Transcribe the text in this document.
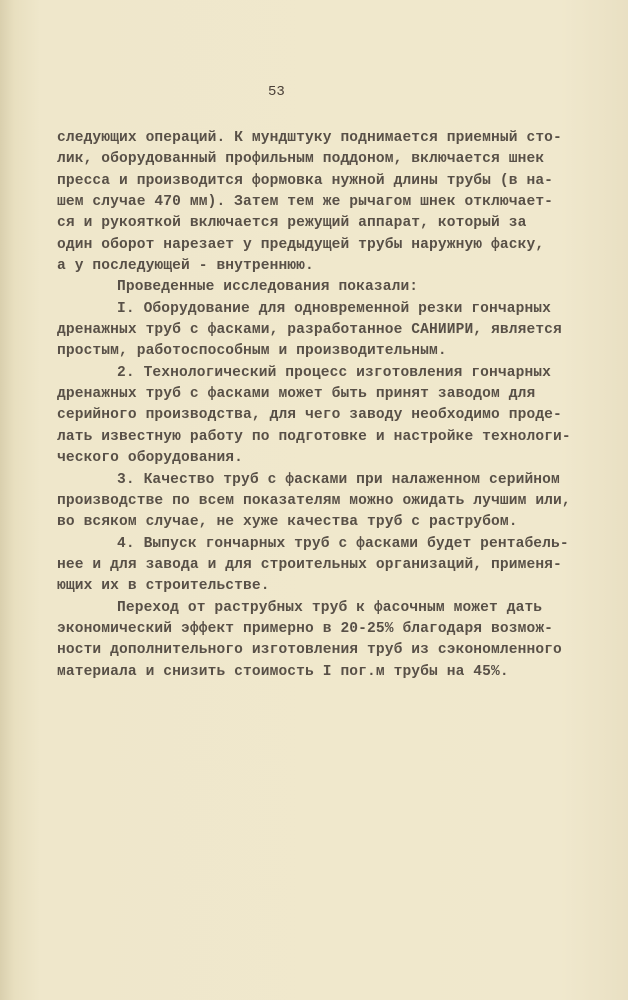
53
следующих операций. К мундштуку поднимается приемный сто-
лик, оборудованный профильным поддоном, включается шнек
пресса и производится формовка нужной длины трубы (в на-
шем случае 470 мм). Затем тем же рычагом шнек отключает-
ся и рукояткой включается режущий аппарат, который за
один оборот нарезает у предыдущей трубы наружную фаску,
а у последующей - внутреннюю.
Проведенные исследования показали:
I. Оборудование для одновременной резки гончарных
дренажных труб с фасками, разработанное САНИИРИ, является
простым, работоспособным и производительным.
2. Технологический процесс изготовления гончарных
дренажных труб с фасками может быть принят заводом для
серийного производства, для чего заводу необходимо проде-
лать известную работу по подготовке и настройке технологи-
ческого оборудования.
3. Качество труб с фасками при налаженном серийном
производстве по всем показателям можно ожидать лучшим или,
во всяком случае, не хуже качества труб с раструбом.
4. Выпуск гончарных труб с фасками будет рентабель-
нее и для завода и для строительных организаций, применя-
ющих их в строительстве.
Переход от раструбных труб к фасочным может дать
экономический эффект примерно в 20-25% благодаря возмож-
ности дополнительного изготовления труб из сэкономленного
материала и снизить стоимость I пог.м трубы на 45%.
